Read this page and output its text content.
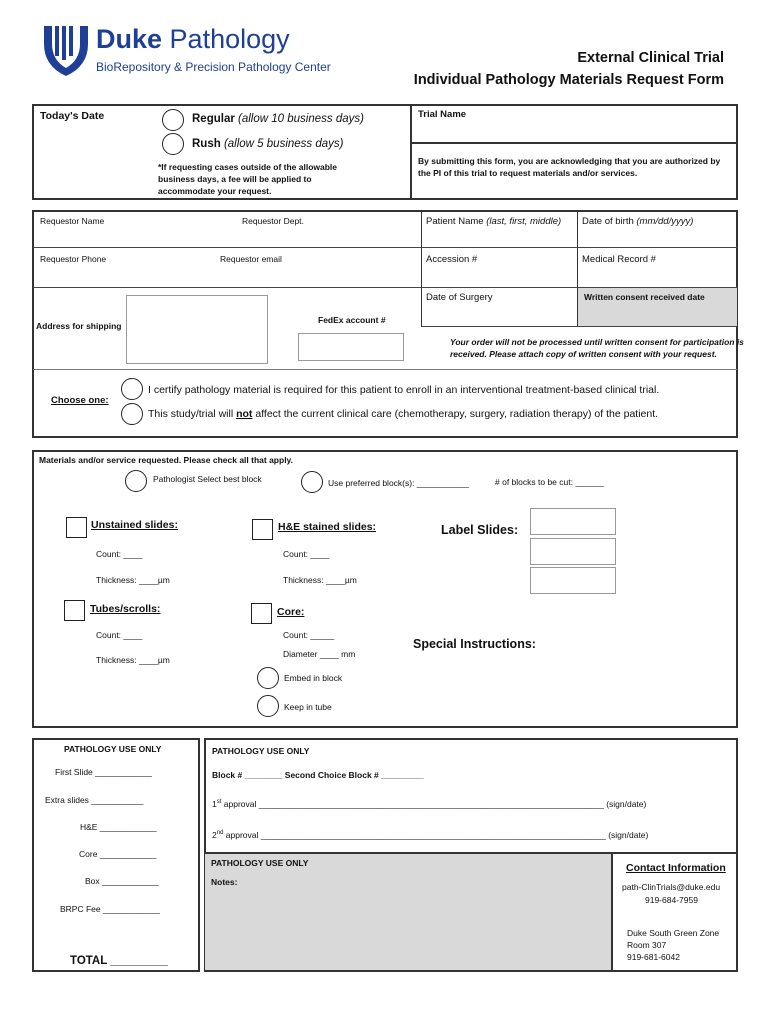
Duke Pathology
BioRepository & Precision Pathology Center
External Clinical Trial
Individual Pathology Materials Request Form
Today's Date	Regular (allow 10 business days)
Rush (allow 5 business days)
*If requesting cases outside of the allowable
business days, a fee will be applied to
accommodate your request.
Trial Name
By submitting this form, you are acknowledging that you are authorized by
the PI of this trial to request materials and/or services.
Requestor Name	Requestor Dept.	Patient Name (last, first, middle) Date of birth (mm/dd/yyyy)
Requestor Phone	Requestor email	Accession #	Medical Record #
Date of Surgery	Written consent received date
Address for shipping
FedEx account #
Your order will not be processed until written consent for participation is
received. Please attach copy of written consent with your request.
Choose one:
I certify pathology material is required for this patient to enroll in an interventional treatment-based clinical trial.
This study/trial will not affect the current clinical care (chemotherapy, surgery, radiation therapy) of the patient.
Materials and/or service requested. Please check all that apply.
Pathologist Select best block	Use preferred block(s): ___________	# of blocks to be cut: ______
Unstained slides:
Count: ____
Thickness: ____µm
H&E stained slides:
Count: ____
Thickness: ____µm
Label Slides:
Tubes/scrolls:
Count: ____
Thickness: ____µm
Core:
Count: _____
Diameter ____ mm
Special Instructions:
Embed in block
Keep in tube
PATHOLOGY USE ONLY
First Slide ____________
Extra slides ___________
H&E ____________
Core ____________
Box ____________
BRPC Fee ____________
TOTAL _________
PATHOLOGY USE ONLY
Block # ________ Second Choice Block # _________
1st approval _________________________________________________________________________ (sign/date)
2nd approval _________________________________________________________________________ (sign/date)
PATHOLOGY USE ONLY
Notes:
Contact Information
path-ClinTrials@duke.edu
919-684-7959
Duke South Green Zone
Room 307
919-681-6042
